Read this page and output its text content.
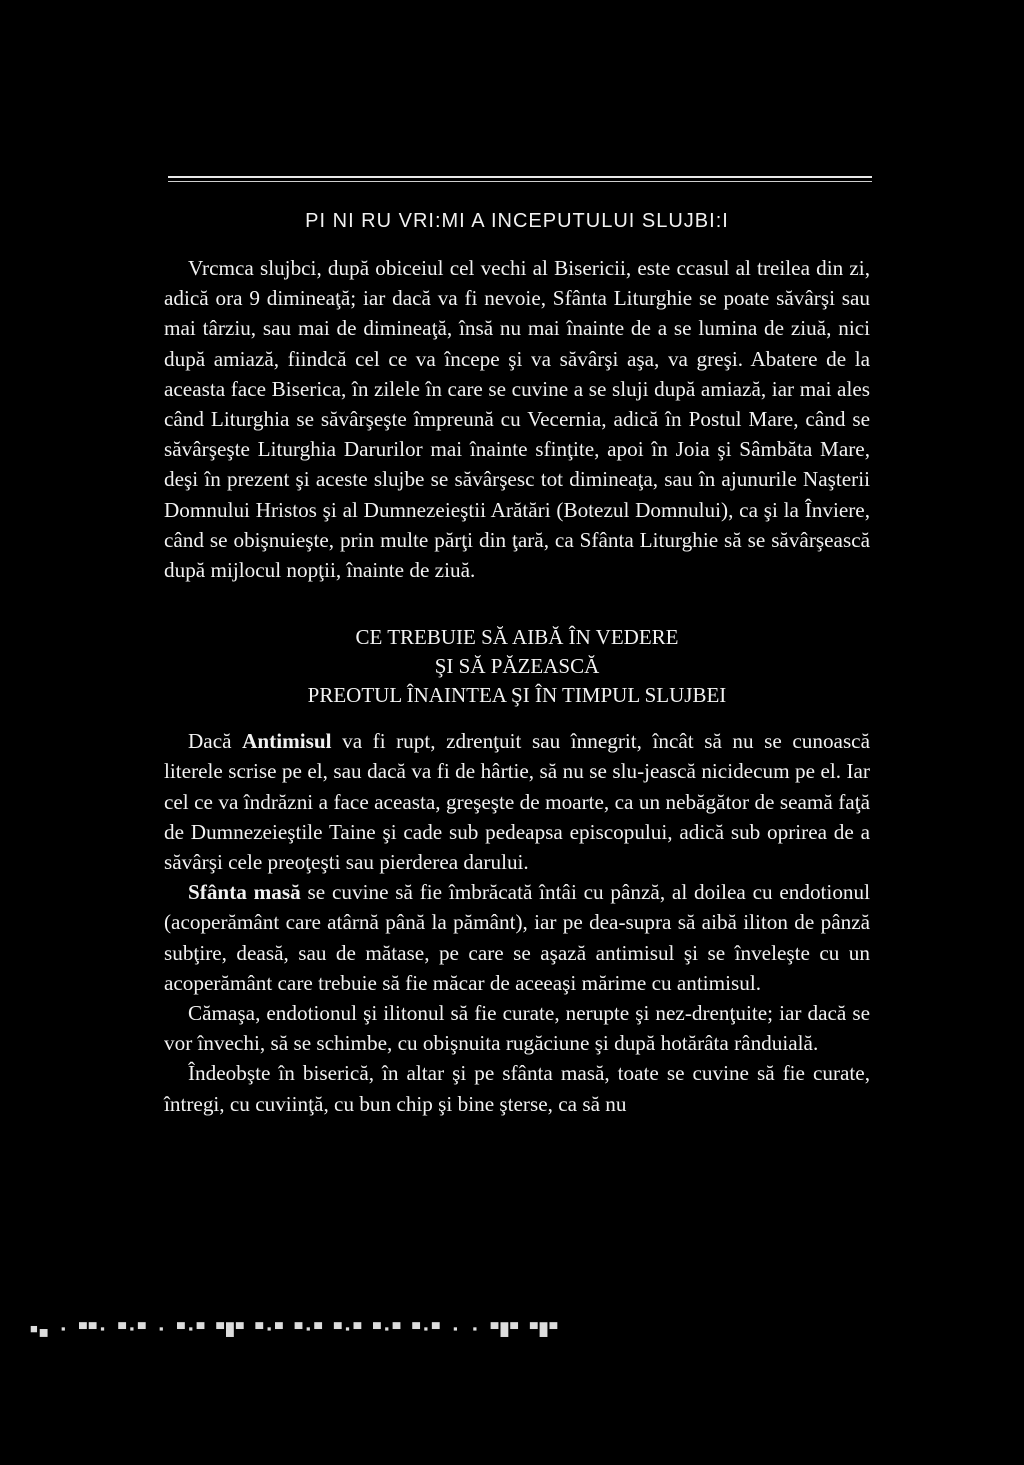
PI NI RU VRI:MI A INCEPUTULUI SLUJBI:I

Vrcmca slujbci, după obiceiul cel vechi al Bisericii, este ccasul al treilea din zi, adică ora 9 dimineaţă; iar dacă va fi nevoie, Sfânta Liturghie se poate săvârşi sau mai târziu, sau mai de dimineaţă, însă nu mai înainte de a se lumina de ziuă, nici după amiază, fiindcă cel ce va începe şi va săvârşi aşa, va greşi. Abatere de la aceasta face Biserica, în zilele în care se cuvine a se sluji după amiază, iar mai ales când Liturghia se săvârşeşte împreună cu Vecernia, adică în Postul Mare, când se săvârşeşte Liturghia Darurilor mai înainte sfinţite, apoi în Joia şi Sâmbăta Mare, deşi în prezent şi aceste slujbe se săvârşesc tot dimineaţa, sau în ajunurile Naşterii Domnului Hristos şi al Dumnezeieştii Arătări (Botezul Domnului), ca şi la Înviere, când se obişnuieşte, prin multe părţi din ţară, ca Sfânta Liturghie să se săvârşească după mijlocul nopţii, înainte de ziuă.

CE TREBUIE SĂ AIBĂ ÎN VEDERE
ŞI SĂ PĂZEASCĂ
PREOTUL ÎNAINTEA ŞI ÎN TIMPUL SLUJBEI

Dacă Antimisul va fi rupt, zdrenţuit sau înnegrit, încât să nu se cunoască literele scrise pe el, sau dacă va fi de hârtie, să nu se slu-jească nicidecum pe el. Iar cel ce va îndrăzni a face aceasta, greşeşte de moarte, ca un nebăgător de seamă faţă de Dumnezeieştile Taine şi cade sub pedeapsa episcopului, adică sub oprirea de a săvârşi cele preoţeşti sau pierderea darului.

Sfânta masă se cuvine să fie îmbrăcată întâi cu pânză, al doilea cu endotionul (acoperământ care atârnă până la pământ), iar pe dea-supra să aibă iliton de pânză subţire, deasă, sau de mătase, pe care se aşază antimisul şi se înveleşte cu un acoperământ care trebuie să fie măcar de aceeaşi mărime cu antimisul.

Cămaşa, endotionul şi ilitonul să fie curate, nerupte şi nez-drenţuite; iar dacă se vor învechi, să se schimbe, cu obişnuita rugăciune şi după hotărâta rânduială.

Îndeobşte în biserică, în altar şi pe sfânta masă, toate se cuvine să fie curate, întregi, cu cuviinţă, cu bun chip şi bine şterse, ca să nu

■▄ ▪ ▀▀▪ ▀▪▀ ▪ ▀▪▀ ▀█▀ ▀▪▀ ▀▪▀ ▀▪▀ ▀▪▀ ▀▪▀ ▪ ▪ ▀█▀ ▀█▀
